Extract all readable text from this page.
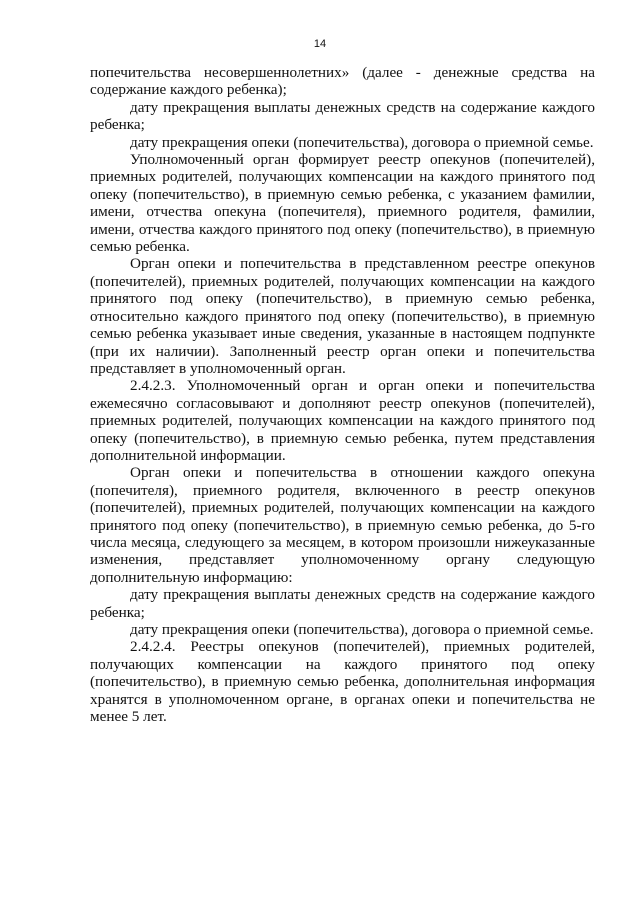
14

попечительства несовершеннолетних» (далее - денежные средства на содержание каждого ребенка);

дату прекращения выплаты денежных средств на содержание каждого ребенка;

дату прекращения опеки (попечительства), договора о приемной семье.

Уполномоченный орган формирует реестр опекунов (попечителей), приемных родителей, получающих компенсации на каждого принятого под опеку (попечительство), в приемную семью ребенка, с указанием фамилии, имени, отчества опекуна (попечителя), приемного родителя, фамилии, имени, отчества каждого принятого под опеку (попечительство), в приемную семью ребенка.

Орган опеки и попечительства в представленном реестре опекунов (попечителей), приемных родителей, получающих компенсации на каждого принятого под опеку (попечительство), в приемную семью ребенка, относительно каждого принятого под опеку (попечительство), в приемную семью ребенка указывает иные сведения, указанные в настоящем подпункте (при их наличии). Заполненный реестр орган опеки и попечительства представляет в уполномоченный орган.

2.4.2.3. Уполномоченный орган и орган опеки и попечительства ежемесячно согласовывают и дополняют реестр опекунов (попечителей), приемных родителей, получающих компенсации на каждого принятого под опеку (попечительство), в приемную семью ребенка, путем представления дополнительной информации.

Орган опеки и попечительства в отношении каждого опекуна (попечителя), приемного родителя, включенного в реестр опекунов (попечителей), приемных родителей, получающих компенсации на каждого принятого под опеку (попечительство), в приемную семью ребенка, до 5-го числа месяца, следующего за месяцем, в котором произошли нижеуказанные изменения, представляет уполномоченному органу следующую дополнительную информацию:

дату прекращения выплаты денежных средств на содержание каждого ребенка;

дату прекращения опеки (попечительства), договора о приемной семье.

2.4.2.4. Реестры опекунов (попечителей), приемных родителей, получающих компенсации на каждого принятого под опеку (попечительство), в приемную семью ребенка, дополнительная информация хранятся в уполномоченном органе, в органах опеки и попечительства не менее 5 лет.
